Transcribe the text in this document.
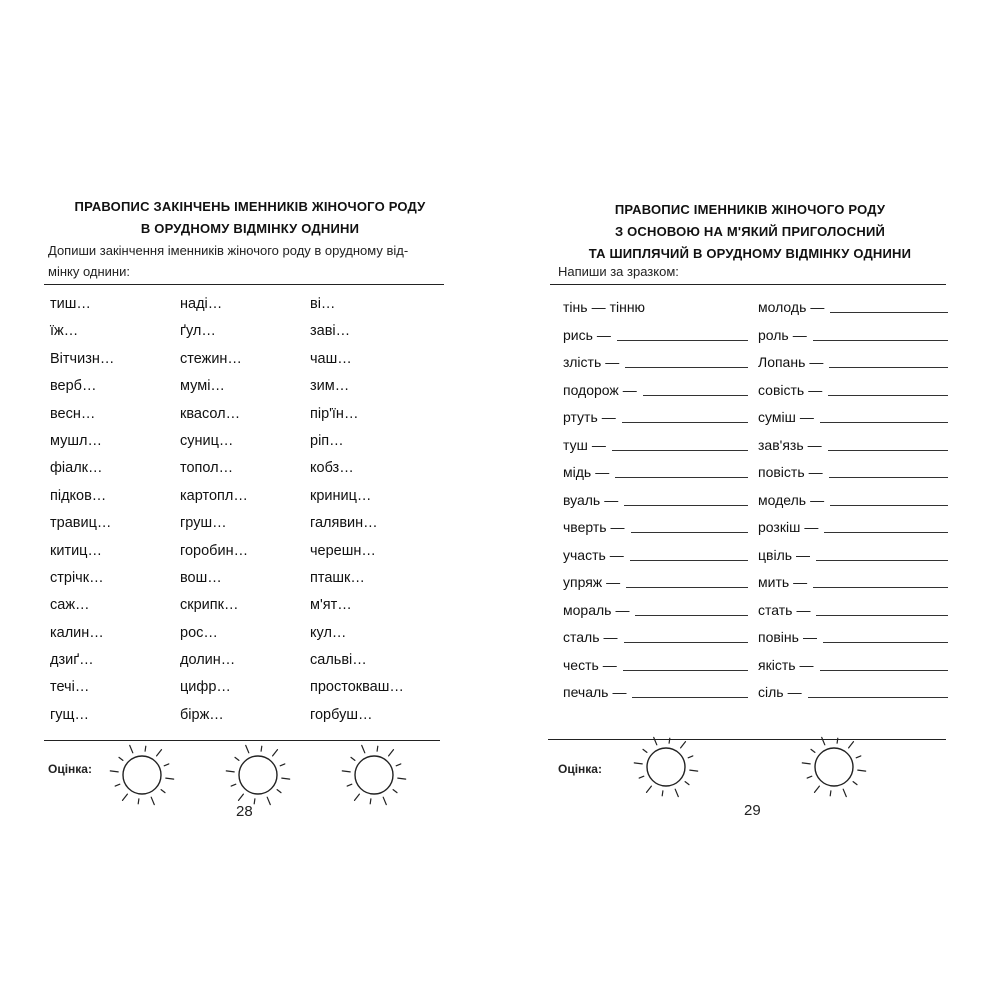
ПРАВОПИС ЗАКІНЧЕНЬ ІМЕННИКІВ ЖІНОЧОГО РОДУ
В ОРУДНОМУ ВІДМІНКУ ОДНИНИ
Допиши закінчення іменників жіночого роду в орудному від-
мінку однини:
тиш…	наді…	ві…
їж…	ґул…	заві…
Вітчизн…	стежин…	чаш…
верб…	мумі…	зим…
весн…	квасол…	пір'їн…
мушл…	суниц…	ріп…
фіалк…	топол…	кобз…
підков…	картопл…	криниц…
травиц…	груш…	галявин…
китиц…	горобин…	черешн…
стрічк…	вош…	пташк…
саж…	скрипк…	м'ят…
калин…	рос…	кул…
дзиґ…	долин…	сальві…
течі…	цифр…	простокваш…
гущ…	бірж…	горбуш…
Оцінка:
28
ПРАВОПИС ІМЕННИКІВ ЖІНОЧОГО РОДУ
З ОСНОВОЮ НА М'ЯКИЙ ПРИГОЛОСНИЙ
ТА ШИПЛЯЧИЙ В ОРУДНОМУ ВІДМІНКУ ОДНИНИ
Напиши за зразком:
тінь — тінню	молодь —
рись —	роль —
злість —	Лопань —
подорож —	совість —
ртуть —	суміш —
туш —	зав'язь —
мідь —	повість —
вуаль —	модель —
чверть —	розкіш —
участь —	цвіль —
упряж —	мить —
мораль —	стать —
сталь —	повінь —
честь —	якість —
печаль —	сіль —
Оцінка:
29
